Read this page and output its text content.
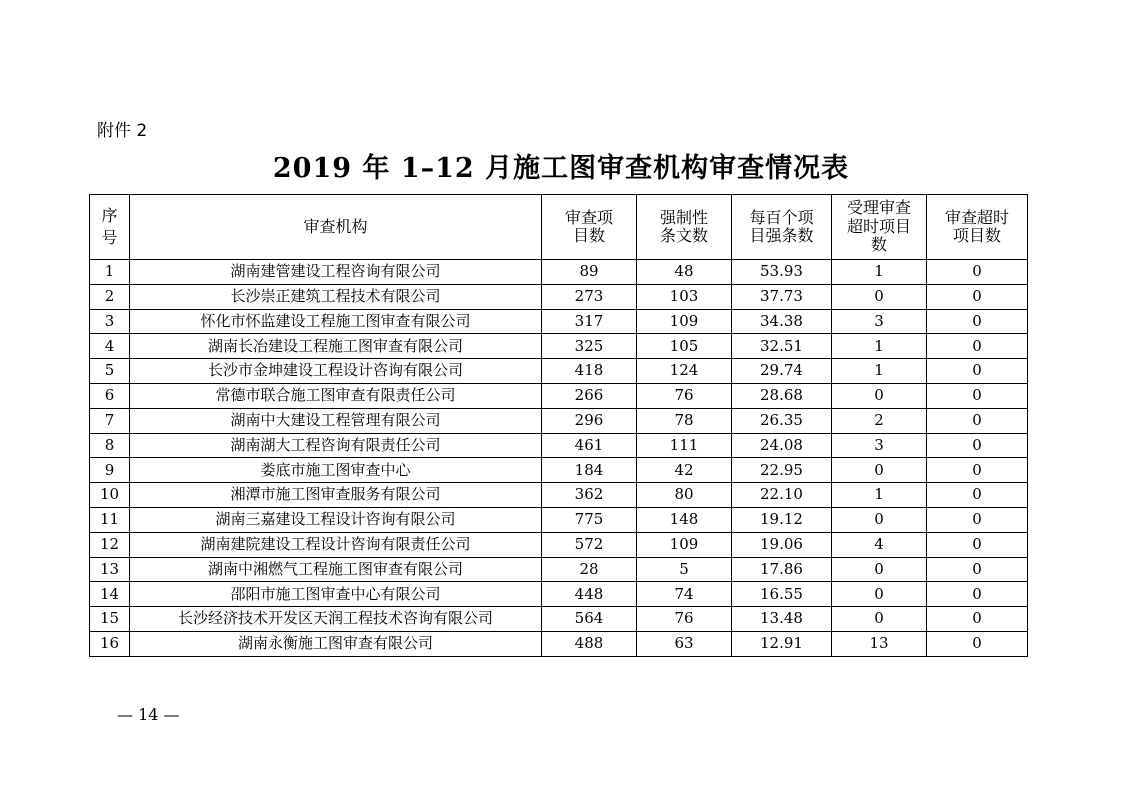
附件 2
2019 年 1–12 月施工图审查机构审查情况表
序号	审查机构	审查项目数	强制性条文数	每百个项目强条数	受理审查超时项目数	审查超时项目数

1	湖南建管建设工程咨询有限公司	89	48	53.93	1	0
2	长沙崇正建筑工程技术有限公司	273	103	37.73	0	0
3	怀化市怀监建设工程施工图审查有限公司	317	109	34.38	3	0
4	湖南长冶建设工程施工图审查有限公司	325	105	32.51	1	0
5	长沙市金坤建设工程设计咨询有限公司	418	124	29.74	1	0
6	常德市联合施工图审查有限责任公司	266	76	28.68	0	0
7	湖南中大建设工程管理有限公司	296	78	26.35	2	0
8	湖南湖大工程咨询有限责任公司	461	111	24.08	3	0
9	娄底市施工图审查中心	184	42	22.95	0	0
10	湘潭市施工图审查服务有限公司	362	80	22.10	1	0
11	湖南三嘉建设工程设计咨询有限公司	775	148	19.12	0	0
12	湖南建院建设工程设计咨询有限责任公司	572	109	19.06	4	0
13	湖南中湘燃气工程施工图审查有限公司	28	5	17.86	0	0
14	邵阳市施工图审查中心有限公司	448	74	16.55	0	0
15	长沙经济技术开发区天润工程技术咨询有限公司	564	76	13.48	0	0
16	湖南永衡施工图审查有限公司	488	63	12.91	13	0
— 14 —
